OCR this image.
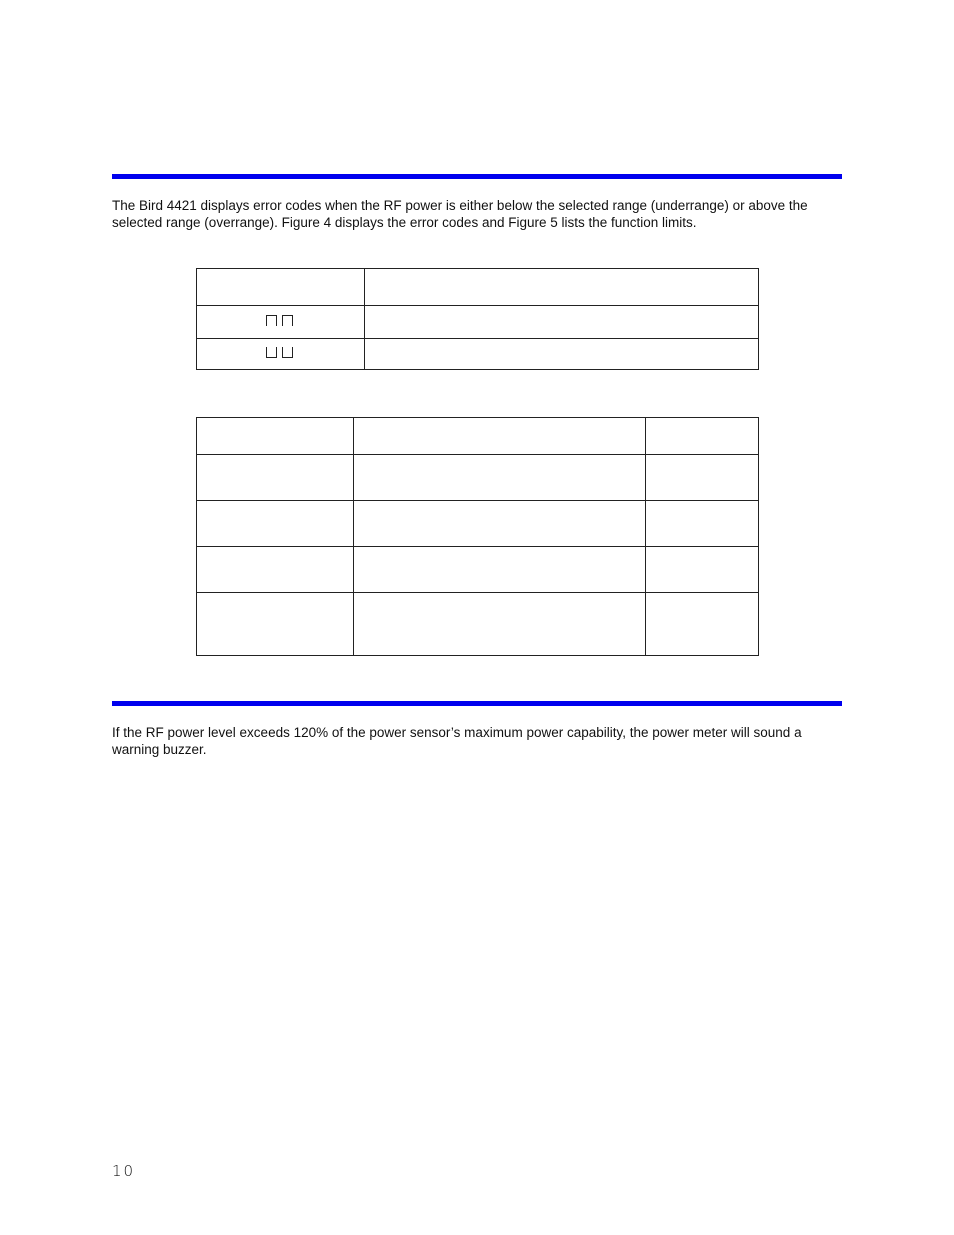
The Bird 4421 displays error codes when the RF power is either below the selected range (underrange) or above the selected range (overrange). Figure 4 displays the error codes and Figure 5 lists the function limits.

If the RF power level exceeds 120% of the power sensor’s maximum power capability, the power meter will sound a warning buzzer.

10
